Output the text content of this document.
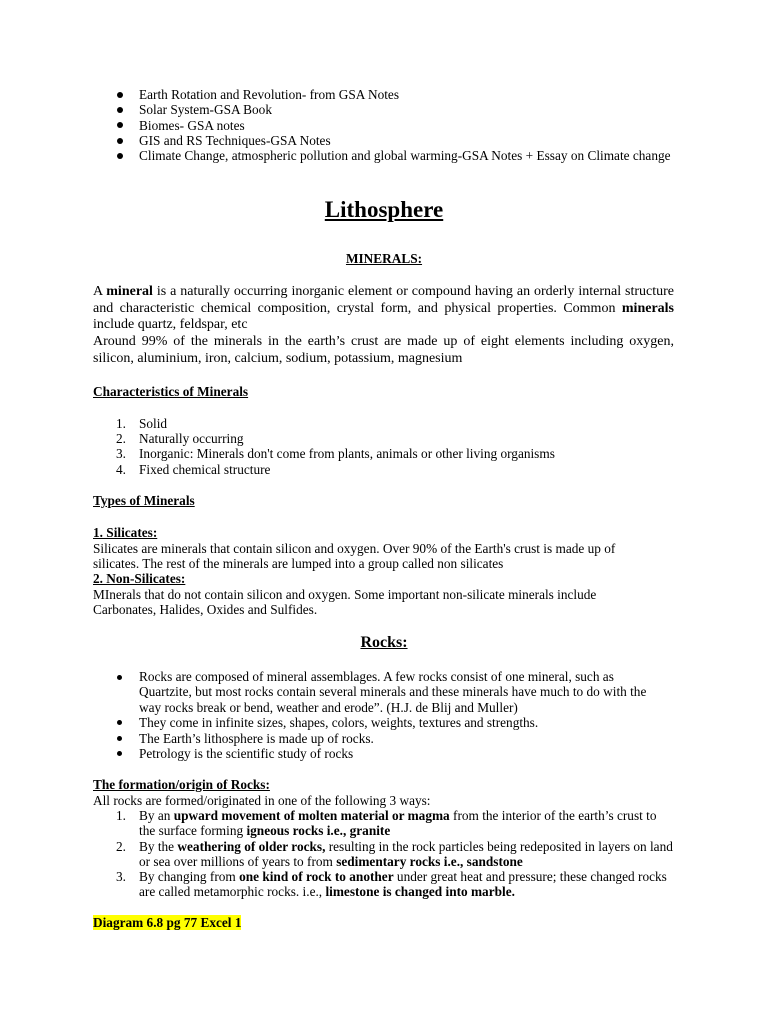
Earth Rotation and Revolution- from GSA Notes
Solar System-GSA Book
Biomes- GSA notes
GIS and RS Techniques-GSA Notes
Climate Change, atmospheric pollution and global warming-GSA Notes + Essay on Climate change
Lithosphere
MINERALS:
A mineral is a naturally occurring inorganic element or compound having an orderly internal structure and characteristic chemical composition, crystal form, and physical properties. Common minerals include quartz, feldspar, etc
Around 99% of the minerals in the earth’s crust are made up of eight elements including oxygen, silicon, aluminium, iron, calcium, sodium, potassium, magnesium
Characteristics of Minerals
1. Solid
2. Naturally occurring
3. Inorganic: Minerals don't come from plants, animals or other living organisms
4. Fixed chemical structure
Types of Minerals
1. Silicates:
Silicates are minerals that contain silicon and oxygen. Over 90% of the Earth's crust is made up of silicates. The rest of the minerals are lumped into a group called non silicates
2. Non-Silicates:
MInerals that do not contain silicon and oxygen. Some important non-silicate minerals include Carbonates, Halides, Oxides and Sulfides.
Rocks:
Rocks are composed of mineral assemblages. A few rocks consist of one mineral, such as Quartzite, but most rocks contain several minerals and these minerals have much to do with the way rocks break or bend, weather and erode”. (H.J. de Blij and Muller)
They come in infinite sizes, shapes, colors, weights, textures and strengths.
The Earth’s lithosphere is made up of rocks.
Petrology is the scientific study of rocks
The formation/origin of Rocks:
All rocks are formed/originated in one of the following 3 ways:
1. By an upward movement of molten material or magma from the interior of the earth’s crust to the surface forming igneous rocks i.e., granite
2. By the weathering of older rocks, resulting in the rock particles being redeposited in layers on land or sea over millions of years to from sedimentary rocks i.e., sandstone
3. By changing from one kind of rock to another under great heat and pressure; these changed rocks are called metamorphic rocks. i.e., limestone is changed into marble.
Diagram 6.8 pg 77 Excel 1
